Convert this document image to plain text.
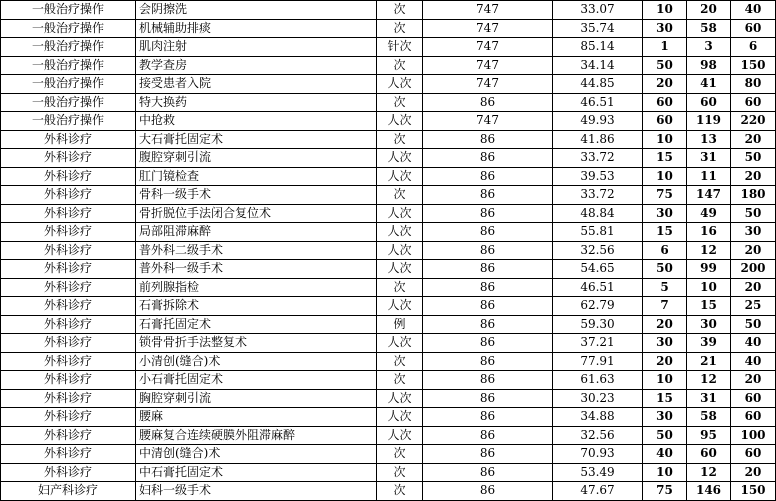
一般治疗操作	会阴擦洗	次	747	33.07	10	20	40
一般治疗操作	机械辅助排痰	次	747	35.74	30	58	60
一般治疗操作	肌肉注射	针次	747	85.14	1	3	6
一般治疗操作	教学查房	次	747	34.14	50	98	150
一般治疗操作	接受患者入院	人次	747	44.85	20	41	80
一般治疗操作	特大换药	次	86	46.51	60	60	60
一般治疗操作	中抢救	人次	747	49.93	60	119	220
外科诊疗	大石膏托固定术	次	86	41.86	10	13	20
外科诊疗	腹腔穿刺引流	人次	86	33.72	15	31	50
外科诊疗	肛门镜检查	人次	86	39.53	10	11	20
外科诊疗	骨科一级手术	次	86	33.72	75	147	180
外科诊疗	骨折脱位手法闭合复位术	人次	86	48.84	30	49	50
外科诊疗	局部阻滞麻醉	人次	86	55.81	15	16	30
外科诊疗	普外科二级手术	人次	86	32.56	6	12	20
外科诊疗	普外科一级手术	人次	86	54.65	50	99	200
外科诊疗	前列腺指检	次	86	46.51	5	10	20
外科诊疗	石膏拆除术	人次	86	62.79	7	15	25
外科诊疗	石膏托固定术	例	86	59.30	20	30	50
外科诊疗	锁骨骨折手法整复术	人次	86	37.21	30	39	40
外科诊疗	小清创(缝合)术	次	86	77.91	20	21	40
外科诊疗	小石膏托固定术	次	86	61.63	10	12	20
外科诊疗	胸腔穿刺引流	人次	86	30.23	15	31	60
外科诊疗	腰麻	人次	86	34.88	30	58	60
外科诊疗	腰麻复合连续硬膜外阻滞麻醉	人次	86	32.56	50	95	100
外科诊疗	中清创(缝合)术	次	86	70.93	40	60	60
外科诊疗	中石膏托固定术	次	86	53.49	10	12	20
妇产科诊疗	妇科一级手术	次	86	47.67	75	146	150
